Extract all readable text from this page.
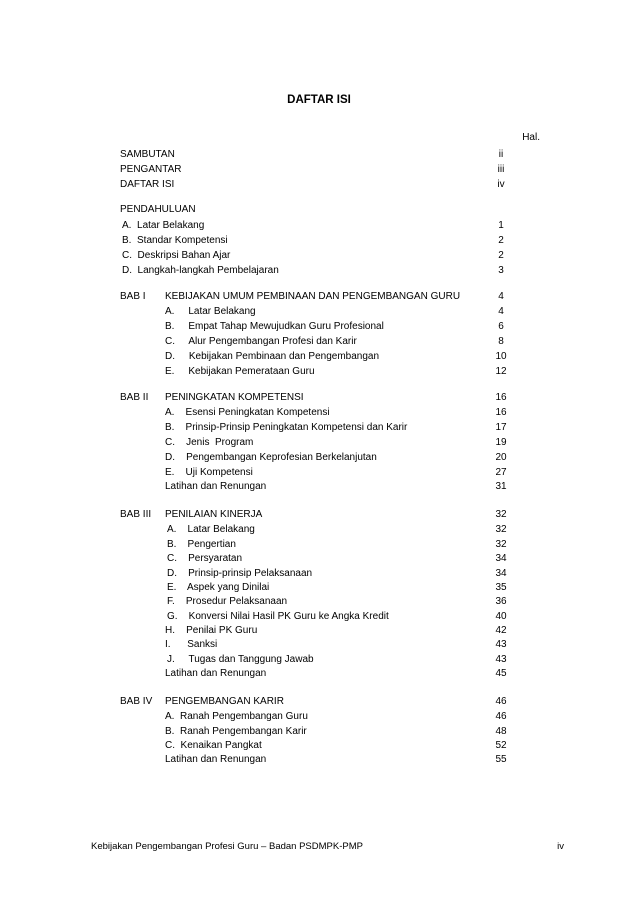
DAFTAR ISI
Hal.
SAMBUTAN	ii
PENGANTAR	iii
DAFTAR ISI	iv
PENDAHULUAN
A.  Latar Belakang	1
B.  Standar Kompetensi	2
C.  Deskripsi Bahan Ajar	2
D.  Langkah-langkah Pembelajaran	3
BAB I KEBIJAKAN UMUM PEMBINAAN DAN PENGEMBANGAN GURU	4
A.     Latar Belakang	4
B.     Empat Tahap Mewujudkan Guru Profesional	6
C.     Alur Pengembangan Profesi dan Karir	8
D.     Kebijakan Pembinaan dan Pengembangan	10
E.     Kebijakan Pemerataan Guru	12
BAB II PENINGKATAN KOMPETENSI	16
A.    Esensi Peningkatan Kompetensi	16
B.    Prinsip-Prinsip Peningkatan Kompetensi dan Karir	17
C.    Jenis  Program	19
D.    Pengembangan Keprofesian Berkelanjutan	20
E.    Uji Kompetensi	27
Latihan dan Renungan	31
BAB III PENILAIAN KINERJA	32
A.    Latar Belakang	32
B.    Pengertian	32
C.    Persyaratan	34
D.    Prinsip-prinsip Pelaksanaan	34
E.    Aspek yang Dinilai	35
F.    Prosedur Pelaksanaan	36
G.    Konversi Nilai Hasil PK Guru ke Angka Kredit	40
H.    Penilai PK Guru	42
I.      Sanksi	43
J.     Tugas dan Tanggung Jawab	43
Latihan dan Renungan	45
BAB IV PENGEMBANGAN KARIR	46
A.  Ranah Pengembangan Guru	46
B.  Ranah Pengembangan Karir	48
C.  Kenaikan Pangkat	52
Latihan dan Renungan	55
Kebijakan Pengembangan Profesi Guru – Badan PSDMPK-PMP	iv
